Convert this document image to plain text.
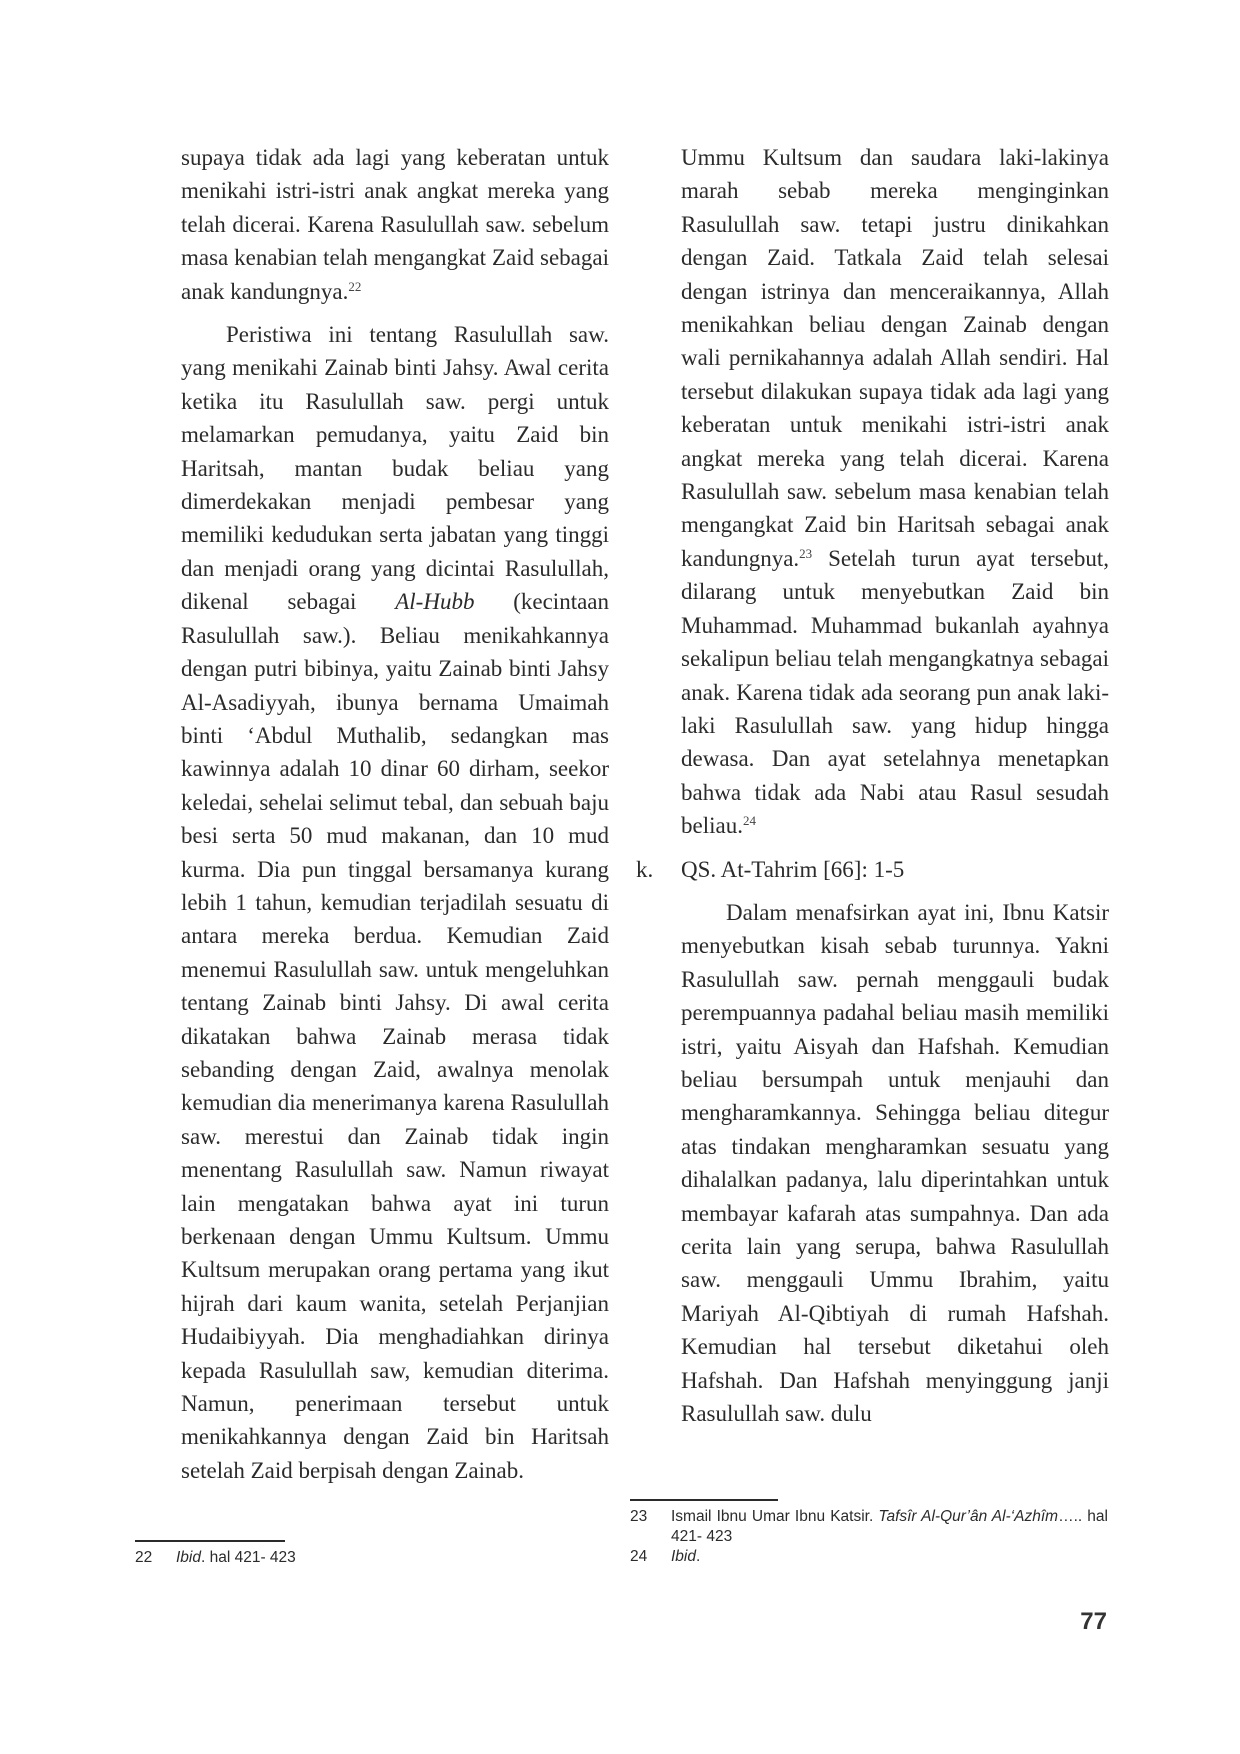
supaya tidak ada lagi yang keberatan untuk menikahi istri-istri anak angkat mereka yang telah dicerai. Karena Rasulullah saw. sebelum masa kenabian telah mengangkat Zaid sebagai anak kandungnya.$^{22}$

Peristiwa ini tentang Rasulullah saw. yang menikahi Zainab binti Jahsy. Awal cerita ketika itu Rasulullah saw. pergi untuk melamarkan pemudanya, yaitu Zaid bin Haritsah, mantan budak beliau yang dimerdekakan menjadi pembesar yang memiliki kedudukan serta jabatan yang tinggi dan menjadi orang yang dicintai Rasulullah, dikenal sebagai Al-Hubb (kecintaan Rasulullah saw.). Beliau menikahkannya dengan putri bibinya, yaitu Zainab binti Jahsy Al-Asadiyyah, ibunya bernama Umaimah binti ‘Abdul Muthalib, sedangkan mas kawinnya adalah 10 dinar 60 dirham, seekor keledai, sehelai selimut tebal, dan sebuah baju besi serta 50 mud makanan, dan 10 mud kurma. Dia pun tinggal bersamanya kurang lebih 1 tahun, kemudian terjadilah sesuatu di antara mereka berdua. Kemudian Zaid menemui Rasulullah saw. untuk mengeluhkan tentang Zainab binti Jahsy. Di awal cerita dikatakan bahwa Zainab merasa tidak sebanding dengan Zaid, awalnya menolak kemudian dia menerimanya karena Rasulullah saw. merestui dan Zainab tidak ingin menentang Rasulullah saw. Namun riwayat lain mengatakan bahwa ayat ini turun berkenaan dengan Ummu Kultsum. Ummu Kultsum merupakan orang pertama yang ikut hijrah dari kaum wanita, setelah Perjanjian Hudaibiyyah. Dia menghadiahkan dirinya kepada Rasulullah saw, kemudian diterima. Namun, penerimaan tersebut untuk menikahkannya dengan Zaid bin Haritsah setelah Zaid berpisah dengan Zainab.

Ummu Kultsum dan saudara laki-lakinya marah sebab mereka menginginkan Rasulullah saw. tetapi justru dinikahkan dengan Zaid. Tatkala Zaid telah selesai dengan istrinya dan menceraikannya, Allah menikahkan beliau dengan Zainab dengan wali pernikahannya adalah Allah sendiri. Hal tersebut dilakukan supaya tidak ada lagi yang keberatan untuk menikahi istri-istri anak angkat mereka yang telah dicerai. Karena Rasulullah saw. sebelum masa kenabian telah mengangkat Zaid bin Haritsah sebagai anak kandungnya.$^{23}$ Setelah turun ayat tersebut, dilarang untuk menyebutkan Zaid bin Muhammad. Muhammad bukanlah ayahnya sekalipun beliau telah mengangkatnya sebagai anak. Karena tidak ada seorang pun anak laki-laki Rasulullah saw. yang hidup hingga dewasa. Dan ayat setelahnya menetapkan bahwa tidak ada Nabi atau Rasul sesudah beliau.$^{24}$

k. QS. At-Tahrim [66]: 1-5

Dalam menafsirkan ayat ini, Ibnu Katsir menyebutkan kisah sebab turunnya. Yakni Rasulullah saw. pernah menggauli budak perempuannya padahal beliau masih memiliki istri, yaitu Aisyah dan Hafshah. Kemudian beliau bersumpah untuk menjauhi dan mengharamkannya. Sehingga beliau ditegur atas tindakan mengharamkan sesuatu yang dihalalkan padanya, lalu diperintahkan untuk membayar kafarah atas sumpahnya. Dan ada cerita lain yang serupa, bahwa Rasulullah saw. menggauli Ummu Ibrahim, yaitu Mariyah Al-Qibtiyah di rumah Hafshah. Kemudian hal tersebut diketahui oleh Hafshah. Dan Hafshah menyinggung janji Rasulullah saw. dulu

22	Ibid. hal 421- 423
23	Ismail Ibnu Umar Ibnu Katsir. Tafsîr Al-Qur’ân Al-‘Azhîm….. hal 421- 423
24	Ibid.
77
